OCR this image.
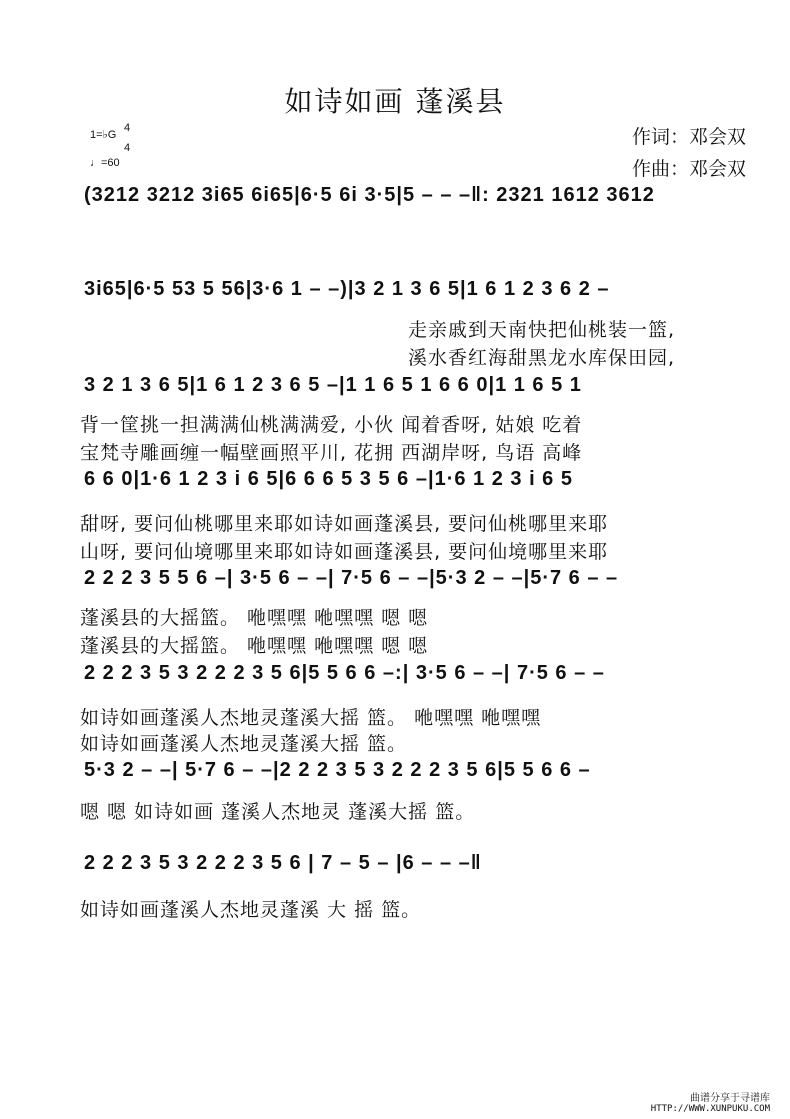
如诗如画 蓬溪县
1=♭G
4
4
♩=60
作词：邓会双
作曲：邓会双
(3212 3212 3i65 6i65|6·5 6i 3·5|5 – – –‖: 2321 1612 3612
3i65|6·5 53 5 56|3·6 1 – –)|3 2 1 3 6 5|1 6 1 2 3 6 2 –
走亲戚到天南快把仙桃装一篮,
溪水香红海甜黑龙水库保田园,
3 2 1 3 6 5|1 6 1 2 3 6 5 –|1 1 6 5 1 6 6 0|1 1 6 5 1
背一筐挑一担满满仙桃满满爱, 小伙 闻着香呀, 姑娘 吃着
宝梵寺雕画缠一幅壁画照平川, 花拥 西湖岸呀, 鸟语 高峰
6 6 0|1·6 1 2 3 i 6 5|6 6 6 5 3 5 6 –|1·6 1 2 3 i 6 5
甜呀, 要问仙桃哪里来耶如诗如画蓬溪县, 要问仙桃哪里来耶
山呀, 要问仙境哪里来耶如诗如画蓬溪县, 要问仙境哪里来耶
2 2 2 3 5 5 6 –| 3·5 6 – –| 7·5 6 – –|5·3 2 – –|5·7 6 – –
蓬溪县的大摇篮。 咃嘿嘿 咃嘿嘿 嗯 嗯
蓬溪县的大摇篮。 咃嘿嘿 咃嘿嘿 嗯 嗯
2 2 2 3 5 3 2 2 2 3 5 6|5 5 6 6 –:| 3·5 6 – –| 7·5 6 – –
如诗如画蓬溪人杰地灵蓬溪大摇 篮。 咃嘿嘿 咃嘿嘿
如诗如画蓬溪人杰地灵蓬溪大摇 篮。
5·3 2 – –| 5·7 6 – –|2 2 2 3 5 3 2 2 2 3 5 6|5 5 6 6 –
嗯 嗯 如诗如画 蓬溪人杰地灵 蓬溪大摇 篮。
2 2 2 3 5 3 2 2 2 3 5 6 | 7 – 5 – |6 – – –‖
如诗如画蓬溪人杰地灵蓬溪 大 摇 篮。
曲谱分享于寻谱库
HTTP://WWW.XUNPUKU.COM
